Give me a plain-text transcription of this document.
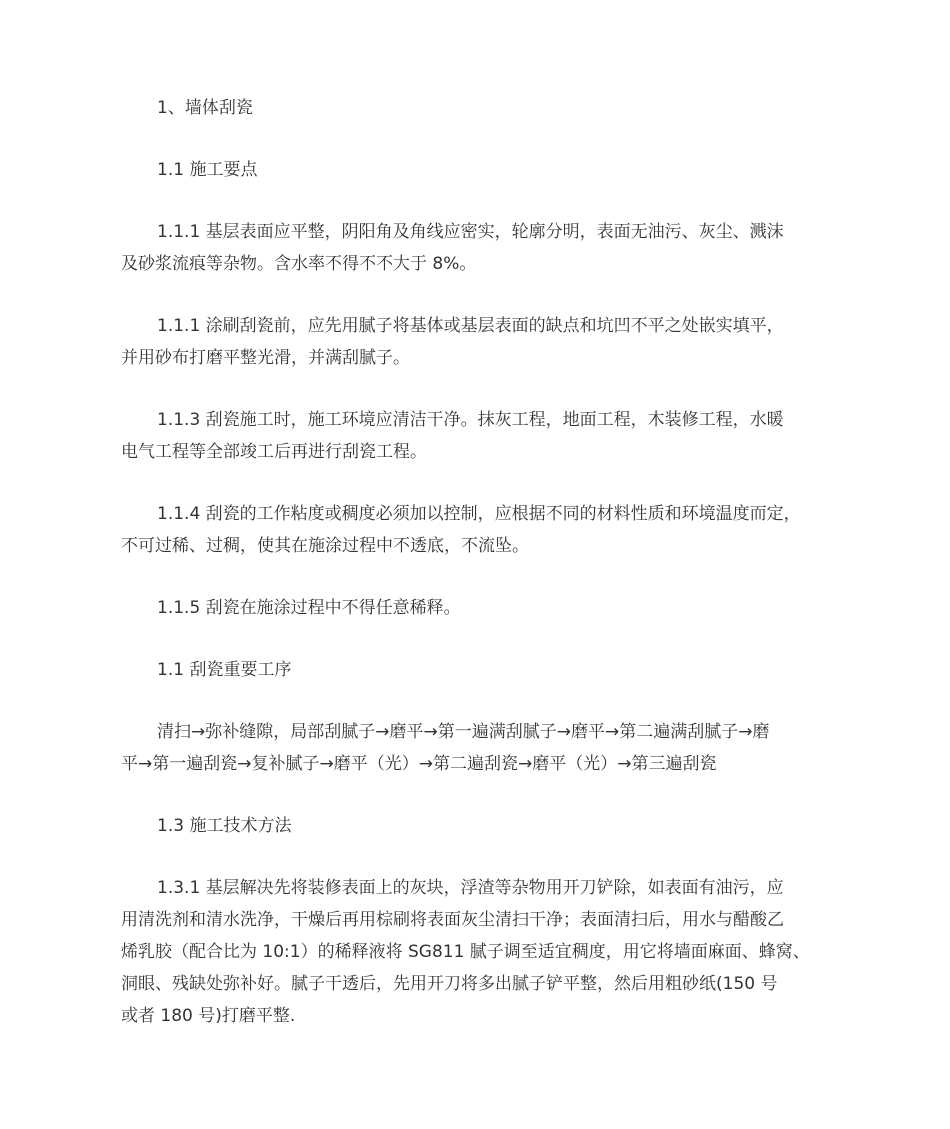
1、墙体刮瓷
1.1 施工要点
1.1.1 基层表面应平整，阴阳角及角线应密实，轮廓分明，表面无油污、灰尘、溅沫
及砂浆流痕等杂物。含水率不得不不大于 8%。
1.1.1 涂刷刮瓷前，应先用腻子将基体或基层表面的缺点和坑凹不平之处嵌实填平，
并用砂布打磨平整光滑，并满刮腻子。
1.1.3 刮瓷施工时，施工环境应清洁干净。抹灰工程，地面工程，木装修工程，水暖
电气工程等全部竣工后再进行刮瓷工程。
1.1.4 刮瓷的工作粘度或稠度必须加以控制，应根据不同的材料性质和环境温度而定，
不可过稀、过稠，使其在施涂过程中不透底，不流坠。
1.1.5 刮瓷在施涂过程中不得任意稀释。
1.1 刮瓷重要工序
清扫→弥补缝隙，局部刮腻子→磨平→第一遍满刮腻子→磨平→第二遍满刮腻子→磨
平→第一遍刮瓷→复补腻子→磨平（光）→第二遍刮瓷→磨平（光）→第三遍刮瓷
1.3 施工技术方法
1.3.1 基层解决先将装修表面上的灰块，浮渣等杂物用开刀铲除，如表面有油污，应
用清洗剂和清水洗净，干燥后再用棕刷将表面灰尘清扫干净；表面清扫后，用水与醋酸乙
烯乳胶（配合比为 10:1）的稀释液将 SG811 腻子调至适宜稠度，用它将墙面麻面、蜂窝、
洞眼、残缺处弥补好。腻子干透后，先用开刀将多出腻子铲平整，然后用粗砂纸(150 号
或者 180 号)打磨平整.
